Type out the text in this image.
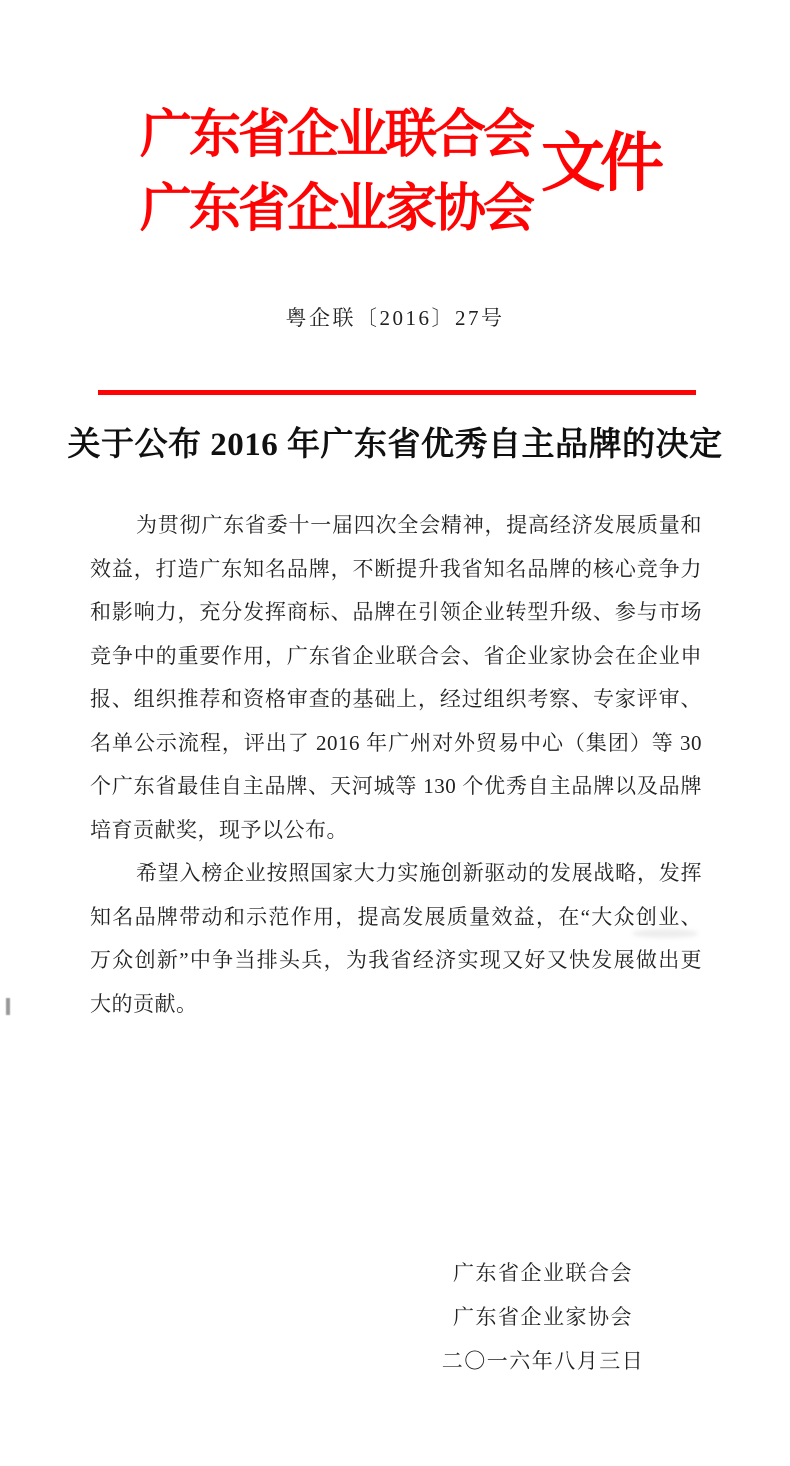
广东省企业联合会
广东省企业家协会
文件
粤企联〔2016〕27号
关于公布 2016 年广东省优秀自主品牌的决定
为贯彻广东省委十一届四次全会精神，提高经济发展质量和
效益，打造广东知名品牌，不断提升我省知名品牌的核心竞争力
和影响力，充分发挥商标、品牌在引领企业转型升级、参与市场
竞争中的重要作用，广东省企业联合会、省企业家协会在企业申
报、组织推荐和资格审查的基础上，经过组织考察、专家评审、
名单公示流程，评出了 2016 年广州对外贸易中心（集团）等 30
个广东省最佳自主品牌、天河城等 130 个优秀自主品牌以及品牌
培育贡献奖，现予以公布。
希望入榜企业按照国家大力实施创新驱动的发展战略，发挥
知名品牌带动和示范作用，提高发展质量效益，在“大众创业、
万众创新”中争当排头兵，为我省经济实现又好又快发展做出更
大的贡献。
广东省企业联合会
广东省企业家协会
二〇一六年八月三日
